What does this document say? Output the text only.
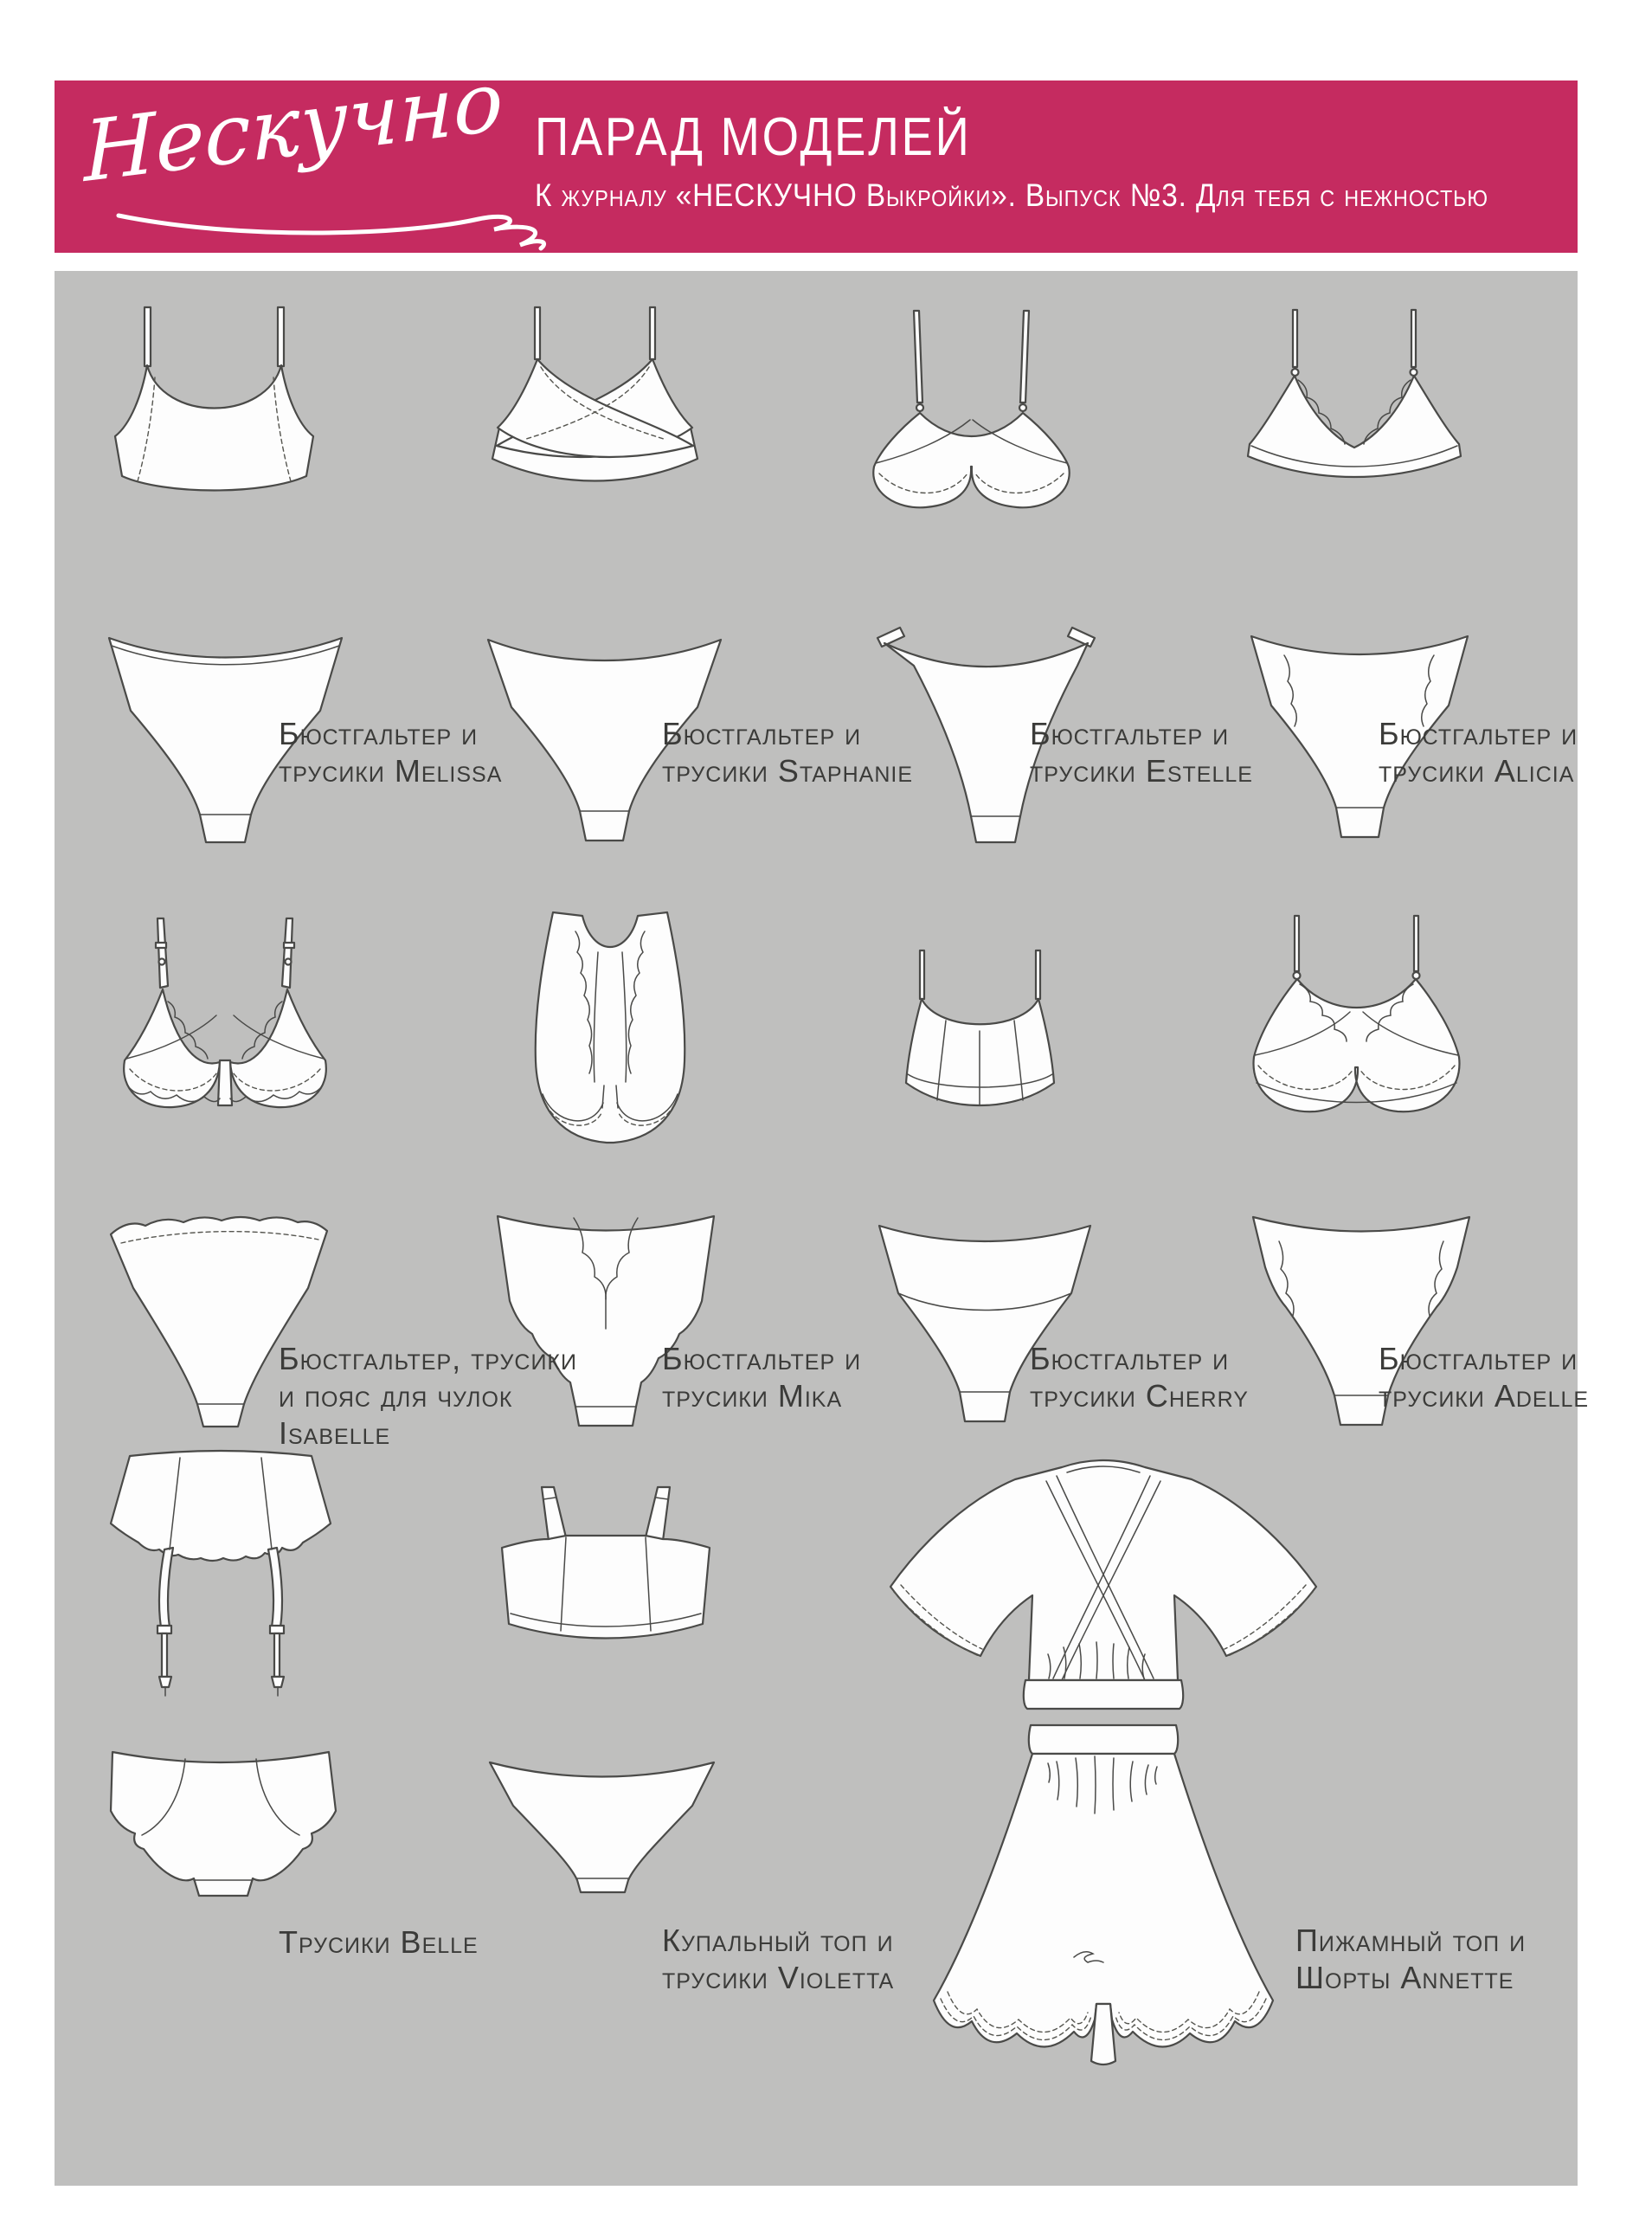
Нескучно ПАРАД МОДЕЛЕЙ
К журналу «НЕСКУЧНО Выкройки». Выпуск №3. Для тебя с нежностью
Бюстгальтер и
трусики Melissa
Бюстгальтер и
трусики Staphanie
Бюстгальтер и
трусики Estelle
Бюстгальтер и
трусики Alicia
Бюстгальтер, трусики
и пояс для чулок
Isabelle
Бюстгальтер и
трусики Mika
Бюстгальтер и
трусики Cherry
Бюстгальтер и
трусики Adelle
Трусики Belle	Купальный топ и
трусики Violetta
Пижамный топ и
Шорты Annette
